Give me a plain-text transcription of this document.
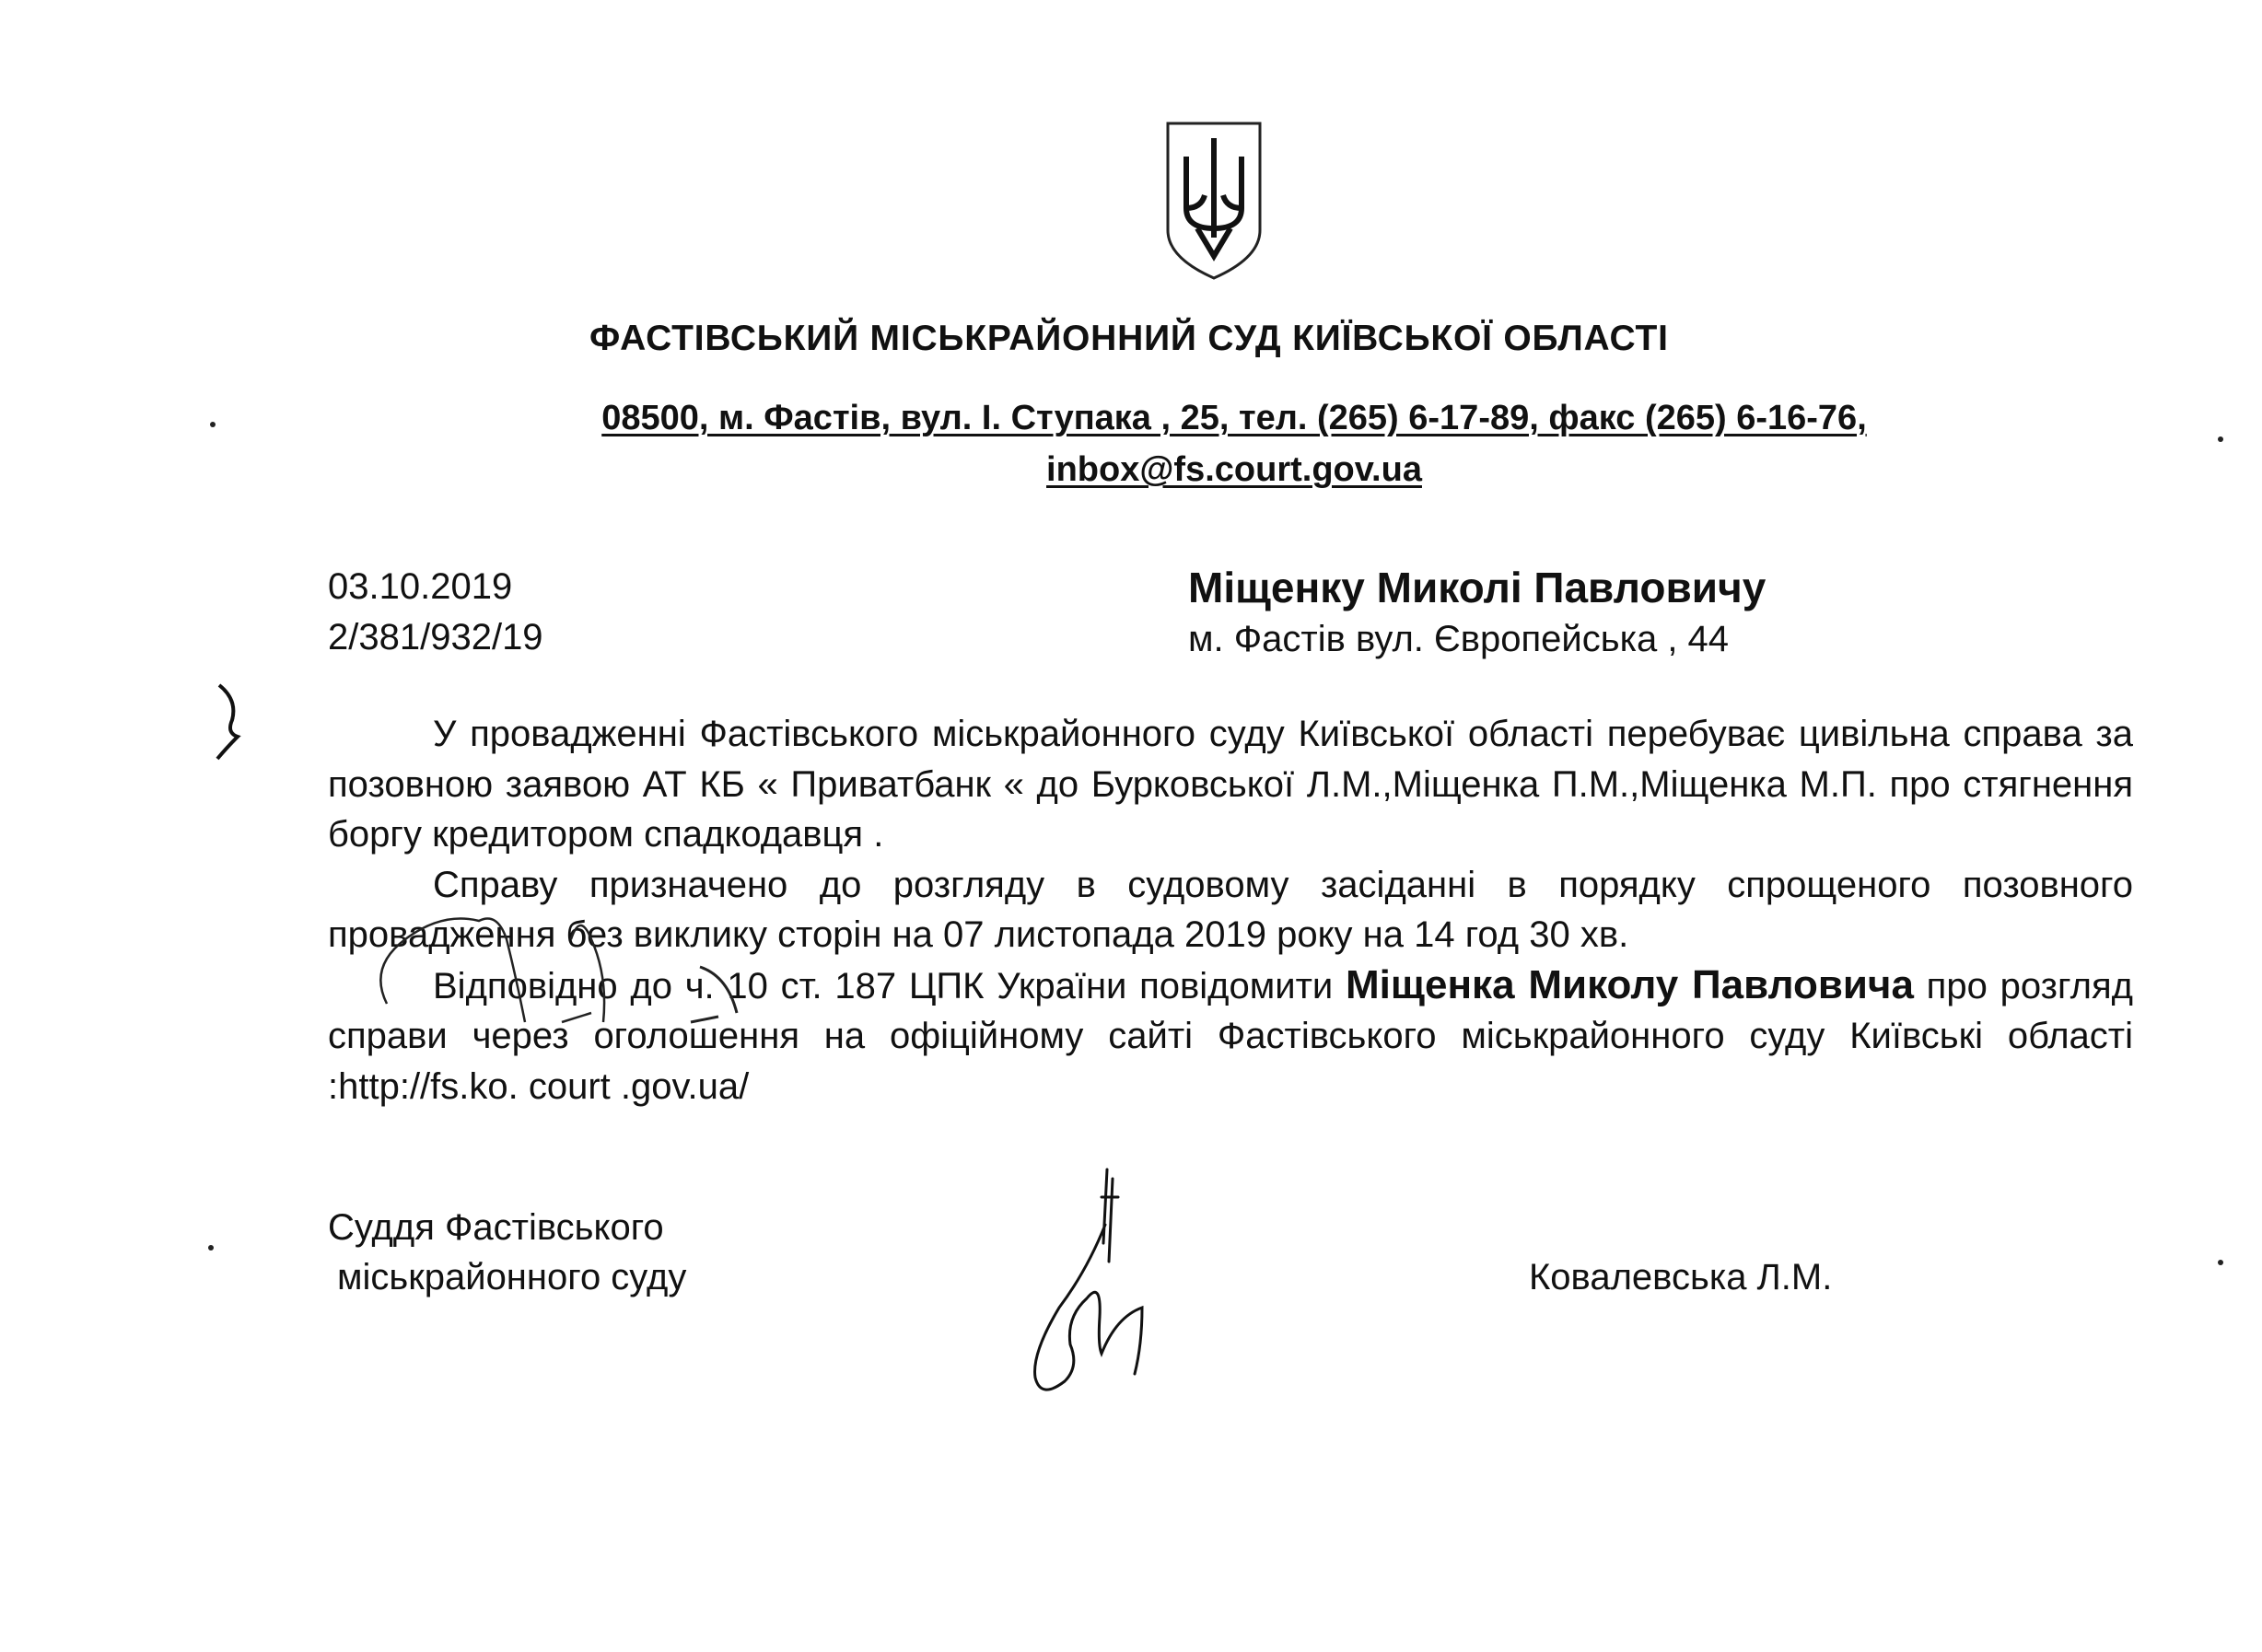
ФАСТІВСЬКИЙ МІСЬКРАЙОННИЙ СУД КИЇВСЬКОЇ ОБЛАСТІ
08500, м. Фастів, вул. І. Ступака , 25, тел. (265) 6-17-89, факс (265) 6-16-76,
inbox@fs.court.gov.ua
03.10.2019
2/381/932/19
Міщенку Миколі Павловичу
м. Фастів вул. Європейська , 44

У провадженні Фастівського міськрайонного суду Київської області перебуває цивільна справа за позовною заявою АТ КБ « Приватбанк « до Бурковської Л.М.,Міщенка П.М.,Міщенка М.П. про стягнення боргу кредитором спадкодавця .

Справу призначено до розгляду в судовому засіданні в порядку спрощеного позовного провадження без виклику сторін на 07 листопада 2019 року на 14 год 30 хв.

Відповідно до ч. 10 ст. 187 ЦПК України повідомити Міщенка Миколу Павловича про розгляд справи через оголошення на офіційному сайті Фастівського міськрайонного суду Київські області :http://fs.ko. court .gov.ua/

Суддя Фастівського
міськрайонного суду	Ковалевська Л.М.
